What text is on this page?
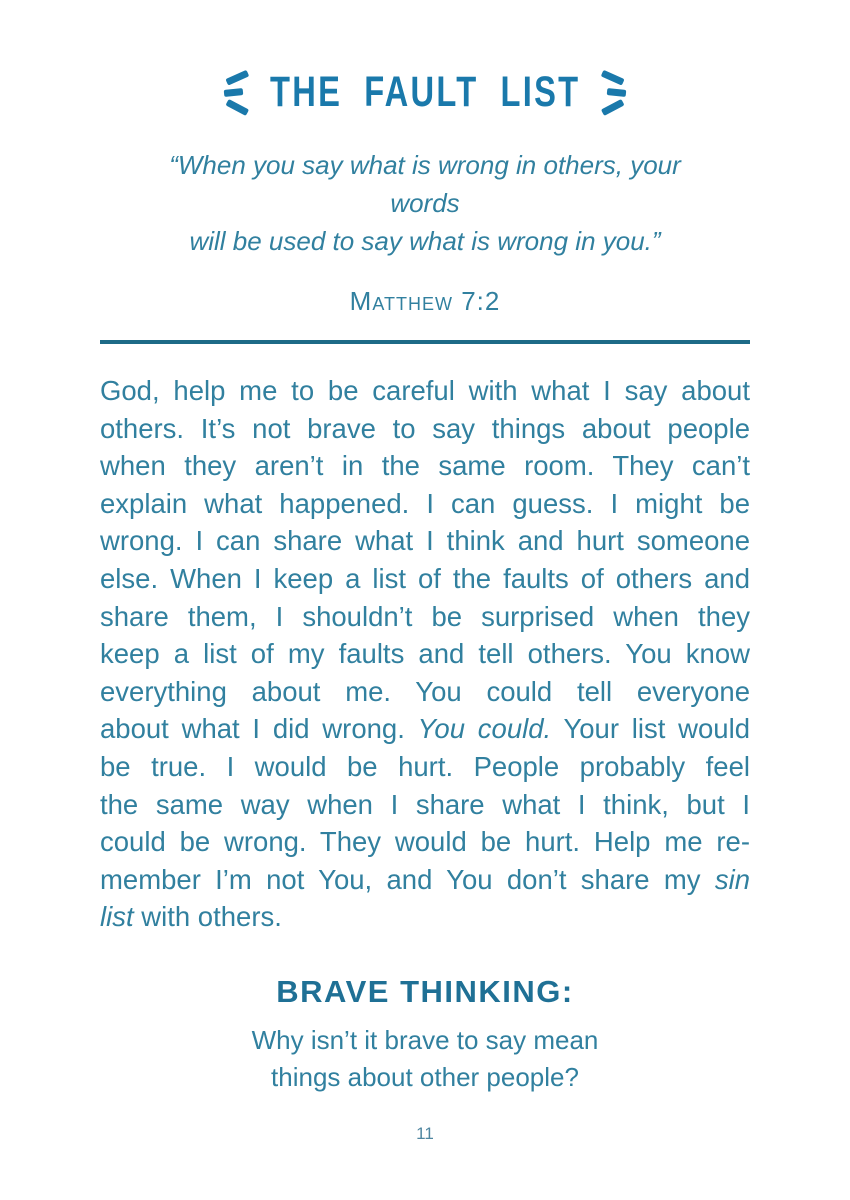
THE FAULT LIST
“When you say what is wrong in others, your words
will be used to say what is wrong in you.”
Matthew 7:2
God, help me to be careful with what I say about
others. It’s not brave to say things about people
when they aren’t in the same room. They can’t
explain what happened. I can guess. I might be
wrong. I can share what I think and hurt someone
else. When I keep a list of the faults of others and
share them, I shouldn’t be surprised when they
keep a list of my faults and tell others. You know
everything about me. You could tell everyone
about what I did wrong. You could. Your list would
be true. I would be hurt. People probably feel
the same way when I share what I think, but I
could be wrong. They would be hurt. Help me re-
member I’m not You, and You don’t share my sin
list with others.
BRAVE THINKING:
Why isn’t it brave to say mean
things about other people?
11
